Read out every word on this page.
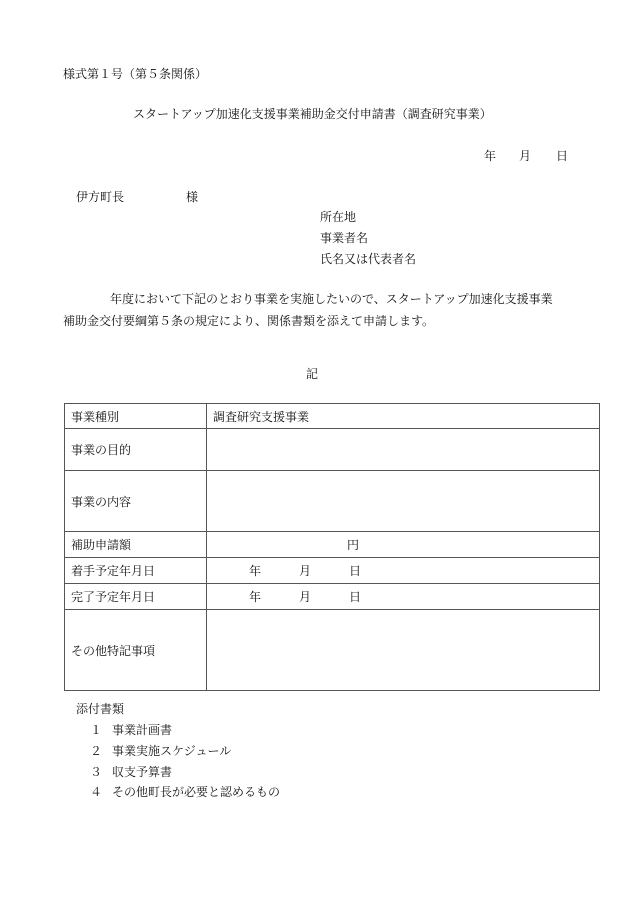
様式第１号（第５条関係）
スタートアップ加速化支援事業補助金交付申請書（調査研究事業）
年 月 日
伊方町長	様
所在地
事業者名
氏名又は代表者名
年度において下記のとおり事業を実施したいので、スタートアップ加速化支援事業
補助金交付要綱第５条の規定により、関係書類を添えて申請します。
記
事業種別	調査研究支援事業
事業の目的	
事業の内容	
補助申請額	円
着手予定年月日	年 月 日
完了予定年月日	年 月 日
その他特記事項	
添付書類
１ 事業計画書
２ 事業実施スケジュール
３ 収支予算書
４ その他町長が必要と認めるもの
